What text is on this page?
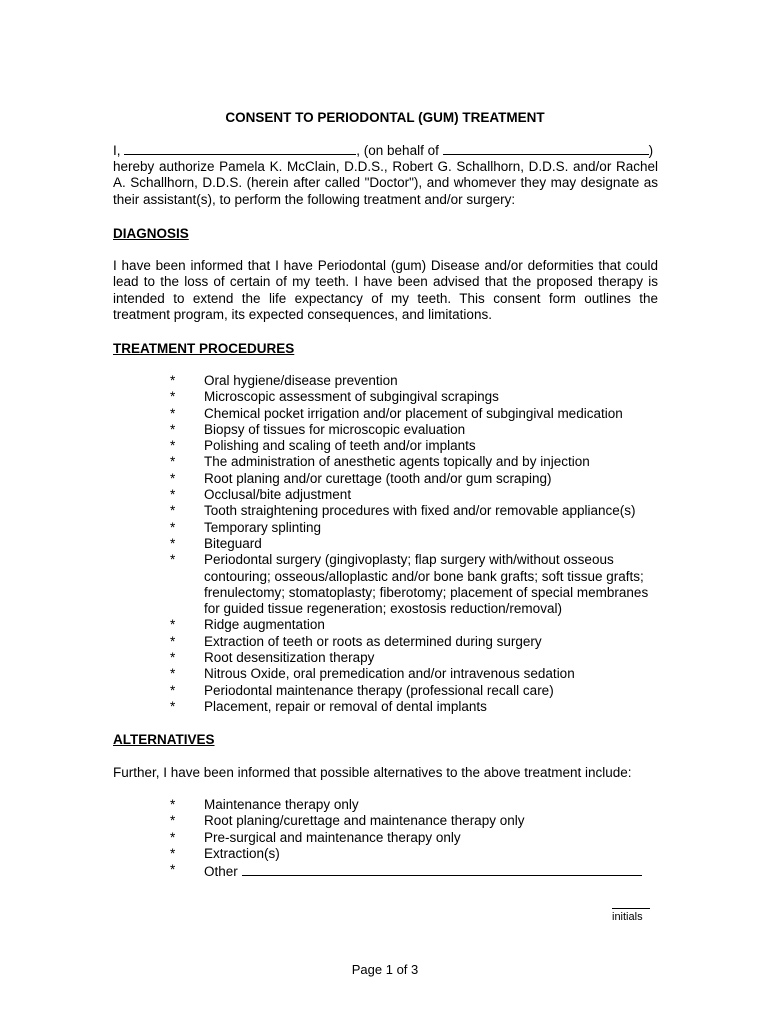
CONSENT TO PERIODONTAL (GUM) TREATMENT
I,	, (on behalf of	)
hereby authorize Pamela K. McClain, D.D.S., Robert G. Schallhorn, D.D.S. and/or Rachel A. Schallhorn, D.D.S. (herein after called "Doctor"), and whomever they may designate as their assistant(s), to perform the following treatment and/or surgery:
DIAGNOSIS
I have been informed that I have Periodontal (gum) Disease and/or deformities that could lead to the loss of certain of my teeth. I have been advised that the proposed therapy is intended to extend the life expectancy of my teeth. This consent form outlines the treatment program, its expected consequences, and limitations.
TREATMENT PROCEDURES
* Oral hygiene/disease prevention
* Microscopic assessment of subgingival scrapings
* Chemical pocket irrigation and/or placement of subgingival medication
* Biopsy of tissues for microscopic evaluation
* Polishing and scaling of teeth and/or implants
* The administration of anesthetic agents topically and by injection
* Root planing and/or curettage (tooth and/or gum scraping)
* Occlusal/bite adjustment
* Tooth straightening procedures with fixed and/or removable appliance(s)
* Temporary splinting
* Biteguard
* Periodontal surgery (gingivoplasty; flap surgery with/without osseous contouring; osseous/alloplastic and/or bone bank grafts; soft tissue grafts; frenulectomy; stomatoplasty; fiberotomy; placement of special membranes for guided tissue regeneration; exostosis reduction/removal)
* Ridge augmentation
* Extraction of teeth or roots as determined during surgery
* Root desensitization therapy
* Nitrous Oxide, oral premedication and/or intravenous sedation
* Periodontal maintenance therapy (professional recall care)
* Placement, repair or removal of dental implants
ALTERNATIVES
Further, I have been informed that possible alternatives to the above treatment include:
* Maintenance therapy only
* Root planing/curettage and maintenance therapy only
* Pre-surgical and maintenance therapy only
* Extraction(s)
* Other
initials
Page 1 of 3
